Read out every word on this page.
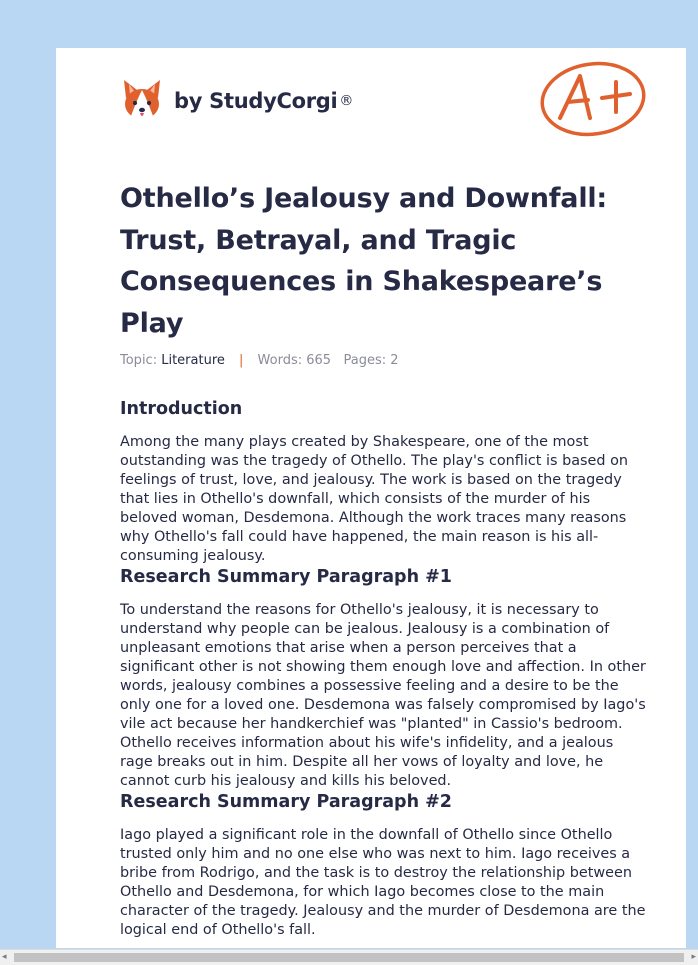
by StudyCorgi ®	A+
Othello’s Jealousy and Downfall: Trust, Betrayal, and Tragic Consequences in Shakespeare’s Play
Topic: Literature | Words: 665 Pages: 2
Introduction

Among the many plays created by Shakespeare, one of the most outstanding was the tragedy of Othello. The play's conflict is based on feelings of trust, love, and jealousy. The work is based on the tragedy that lies in Othello's downfall, which consists of the murder of his beloved woman, Desdemona. Although the work traces many reasons why Othello's fall could have happened, the main reason is his all-consuming jealousy.

Research Summary Paragraph #1

To understand the reasons for Othello's jealousy, it is necessary to understand why people can be jealous. Jealousy is a combination of unpleasant emotions that arise when a person perceives that a significant other is not showing them enough love and affection. In other words, jealousy combines a possessive feeling and a desire to be the only one for a loved one. Desdemona was falsely compromised by Iago's vile act because her handkerchief was "planted" in Cassio's bedroom. Othello receives information about his wife's infidelity, and a jealous rage breaks out in him. Despite all her vows of loyalty and love, he cannot curb his jealousy and kills his beloved.

Research Summary Paragraph #2

Iago played a significant role in the downfall of Othello since Othello trusted only him and no one else who was next to him. Iago receives a bribe from Rodrigo, and the task is to destroy the relationship between Othello and Desdemona, for which Iago becomes close to the main character of the tragedy. Jealousy and the murder of Desdemona are the logical end of Othello's fall.

◂	▸
